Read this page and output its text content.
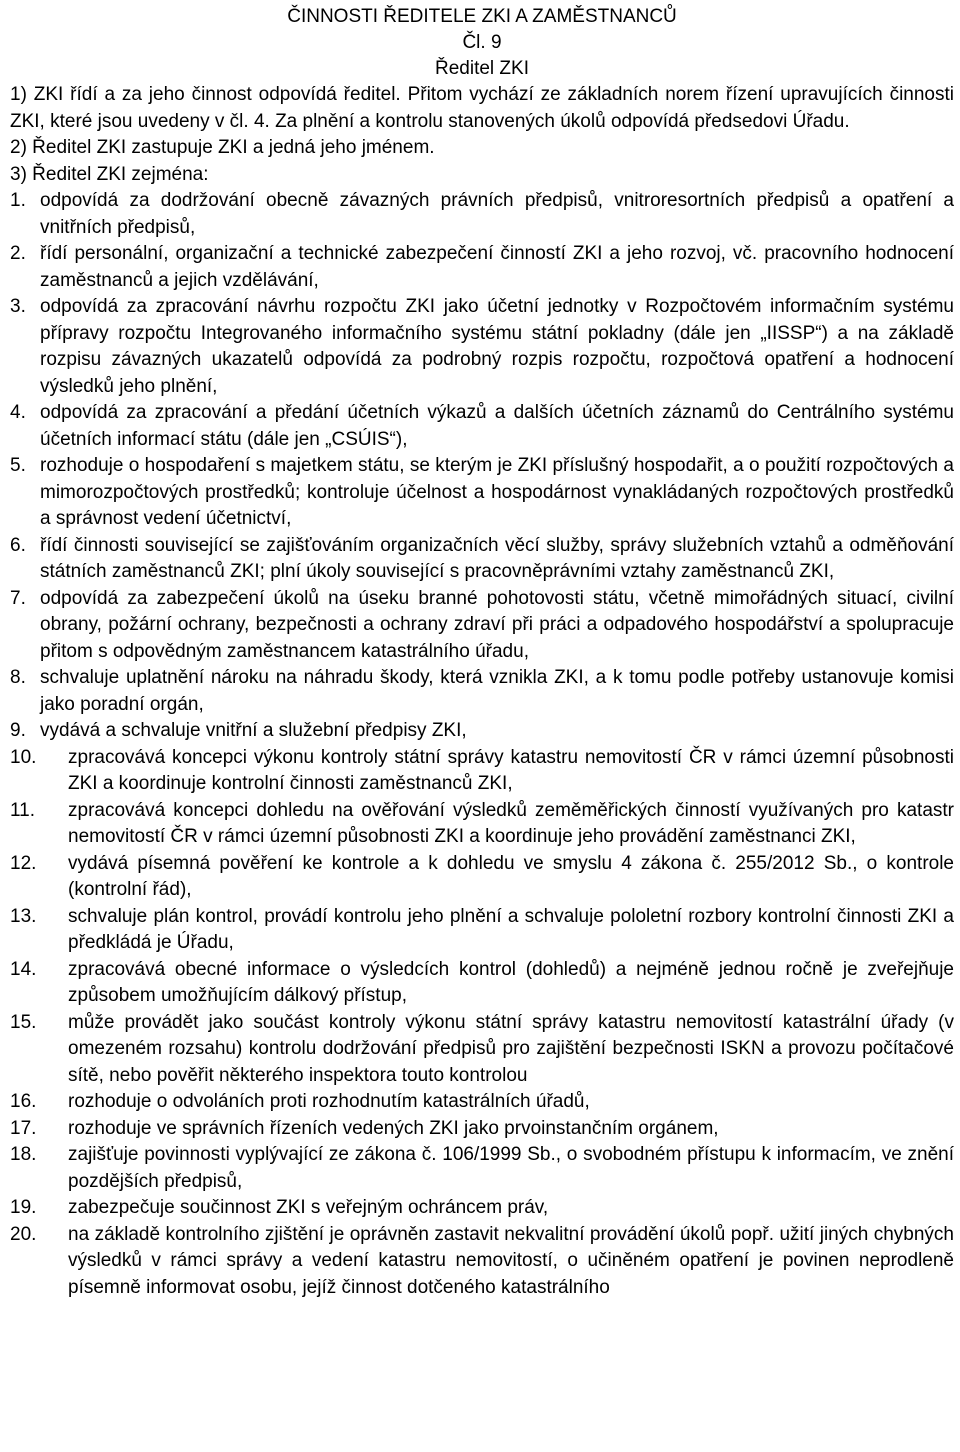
ČINNOSTI ŘEDITELE ZKI A ZAMĚSTNANCŮ
Čl. 9
Ředitel ZKI

1) ZKI řídí a za jeho činnost odpovídá ředitel. Přitom vychází ze základních norem řízení upravujících činnosti ZKI, které jsou uvedeny v čl. 4. Za plnění a kontrolu stanovených úkolů odpovídá předsedovi Úřadu.

2) Ředitel ZKI zastupuje ZKI a jedná jeho jménem.

3) Ředitel ZKI zejména:

1. odpovídá za dodržování obecně závazných právních předpisů, vnitroresortních předpisů a opatření a vnitřních předpisů,
2. řídí personální, organizační a technické zabezpečení činností ZKI a jeho rozvoj, vč. pracovního hodnocení zaměstnanců a jejich vzdělávání,
3. odpovídá za zpracování návrhu rozpočtu ZKI jako účetní jednotky v Rozpočtovém informačním systému přípravy rozpočtu Integrovaného informačního systému státní pokladny (dále jen „IISSP“) a na základě rozpisu závazných ukazatelů odpovídá za podrobný rozpis rozpočtu, rozpočtová opatření a hodnocení výsledků jeho plnění,
4. odpovídá za zpracování a předání účetních výkazů a dalších účetních záznamů do Centrálního systému účetních informací státu (dále jen „CSÚIS“),
5. rozhoduje o hospodaření s majetkem státu, se kterým je ZKI příslušný hospodařit, a o použití rozpočtových a mimorozpočtových prostředků; kontroluje účelnost a hospodárnost vynakládaných rozpočtových prostředků a správnost vedení účetnictví,
6. řídí činnosti související se zajišťováním organizačních věcí služby, správy služebních vztahů a odměňování státních zaměstnanců ZKI; plní úkoly související s pracovněprávními vztahy zaměstnanců ZKI,
7. odpovídá za zabezpečení úkolů na úseku branné pohotovosti státu, včetně mimořádných situací, civilní obrany, požární ochrany, bezpečnosti a ochrany zdraví při práci a odpadového hospodářství a spolupracuje přitom s odpovědným zaměstnancem katastrálního úřadu,
8. schvaluje uplatnění nároku na náhradu škody, která vznikla ZKI, a k tomu podle potřeby ustanovuje komisi jako poradní orgán,
9. vydává a schvaluje vnitřní a služební předpisy ZKI,
10.	zpracovává koncepci výkonu kontroly státní správy katastru nemovitostí ČR v rámci územní působnosti ZKI a koordinuje kontrolní činnosti zaměstnanců ZKI,
11.	zpracovává koncepci dohledu na ověřování výsledků zeměměřických činností využívaných pro katastr nemovitostí ČR v rámci územní působnosti ZKI a koordinuje jeho provádění zaměstnanci ZKI,
12.	vydává písemná pověření ke kontrole a k dohledu ve smyslu 4 zákona č. 255/2012 Sb., o kontrole (kontrolní řád),
13.	schvaluje plán kontrol, provádí kontrolu jeho plnění a schvaluje pololetní rozbory kontrolní činnosti ZKI a předkládá je Úřadu,
14.	zpracovává obecné informace o výsledcích kontrol (dohledů) a nejméně jednou ročně je zveřejňuje způsobem umožňujícím dálkový přístup,
15.	může provádět jako součást kontroly výkonu státní správy katastru nemovitostí katastrální úřady (v omezeném rozsahu) kontrolu dodržování předpisů pro zajištění bezpečnosti ISKN a provozu počítačové sítě, nebo pověřit některého inspektora touto kontrolou
16.	rozhoduje o odvoláních proti rozhodnutím katastrálních úřadů,
17.	rozhoduje ve správních řízeních vedených ZKI jako prvoinstančním orgánem,
18.	zajišťuje povinnosti vyplývající ze zákona č. 106/1999 Sb., o svobodném přístupu k informacím, ve znění pozdějších předpisů,
19.	zabezpečuje součinnost ZKI s veřejným ochráncem práv,
20.	na základě kontrolního zjištění je oprávněn zastavit nekvalitní provádění úkolů popř. užití jiných chybných výsledků v rámci správy a vedení katastru nemovitostí, o učiněném opatření je povinen neprodleně písemně informovat osobu, jejíž činnost dotčeného katastrálního
